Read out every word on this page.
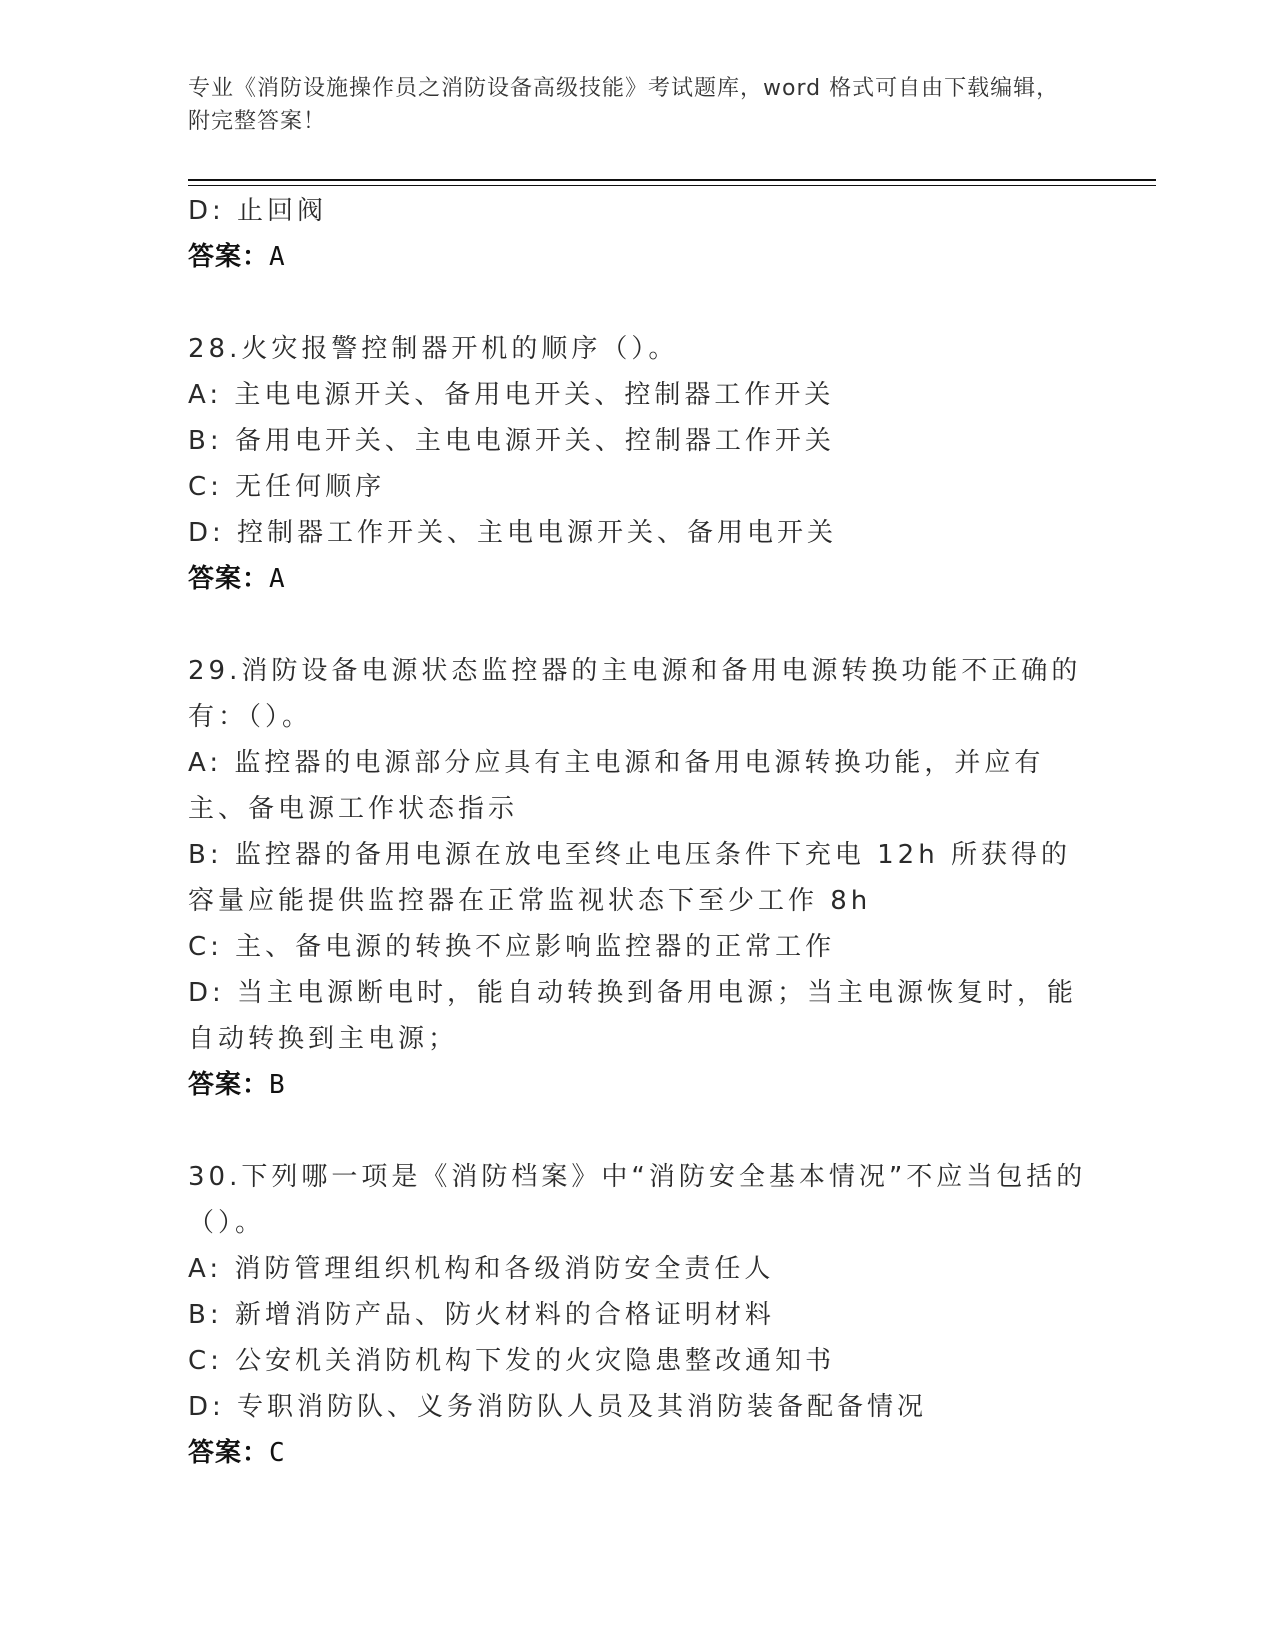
专业《消防设施操作员之消防设备高级技能》考试题库，word 格式可自由下载编辑，附完整答案！
D: 止回阀
答案：A
28.火灾报警控制器开机的顺序（）。
A: 主电电源开关、备用电开关、控制器工作开关
B: 备用电开关、主电电源开关、控制器工作开关
C: 无任何顺序
D: 控制器工作开关、主电电源开关、备用电开关
答案：A
29.消防设备电源状态监控器的主电源和备用电源转换功能不正确的有：（）。
A: 监控器的电源部分应具有主电源和备用电源转换功能，并应有主、备电源工作状态指示
B: 监控器的备用电源在放电至终止电压条件下充电 12h 所获得的容量应能提供监控器在正常监视状态下至少工作 8h
C: 主、备电源的转换不应影响监控器的正常工作
D: 当主电源断电时，能自动转换到备用电源；当主电源恢复时，能自动转换到主电源；
答案：B
30.下列哪一项是《消防档案》中“消防安全基本情况”不应当包括的（）。
A: 消防管理组织机构和各级消防安全责任人
B: 新增消防产品、防火材料的合格证明材料
C: 公安机关消防机构下发的火灾隐患整改通知书
D: 专职消防队、义务消防队人员及其消防装备配备情况
答案：C
